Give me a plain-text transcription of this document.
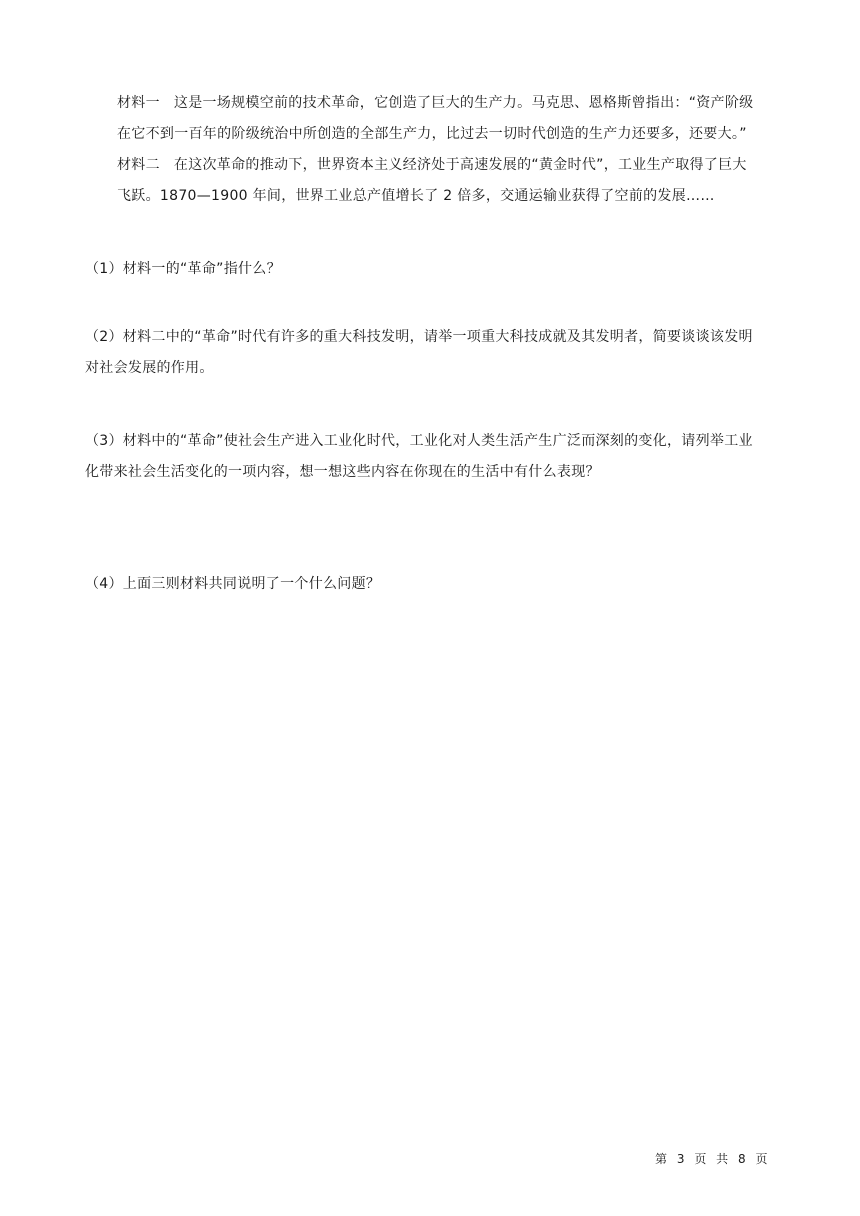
材料一 这是一场规模空前的技术革命，它创造了巨大的生产力。马克思、恩格斯曾指出：“资产阶级
在它不到一百年的阶级统治中所创造的全部生产力，比过去一切时代创造的生产力还要多，还要大。”
材料二 在这次革命的推动下，世界资本主义经济处于高速发展的“黄金时代”，工业生产取得了巨大
飞跃。1870—1900 年间，世界工业总产值增长了 2 倍多，交通运输业获得了空前的发展……
（1）材料一的“革命”指什么？
（2）材料二中的“革命”时代有许多的重大科技发明，请举一项重大科技成就及其发明者，简要谈谈该发明
对社会发展的作用。
（3）材料中的“革命”使社会生产进入工业化时代，工业化对人类生活产生广泛而深刻的变化，请列举工业
化带来社会生活变化的一项内容，想一想这些内容在你现在的生活中有什么表现？
（4）上面三则材料共同说明了一个什么问题？
第 3 页 共 8 页
